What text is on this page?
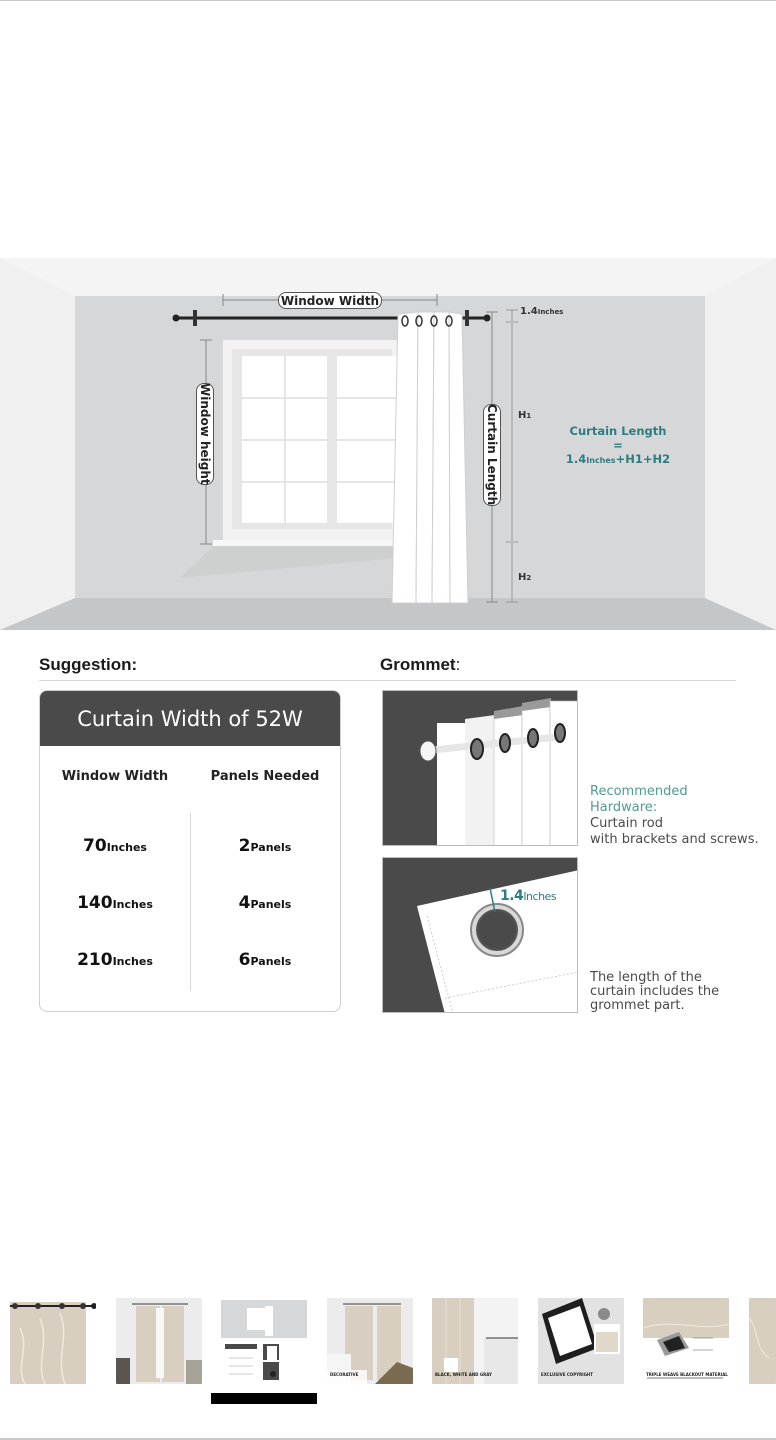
Window Width
Window height	Curtain Length
1.4Inches
H1
H2
Curtain Length
=
1.4Inches+H1+H2
Suggestion:	Grommet:
Curtain Width of 52W
Window Width	Panels Needed
70Inches	2Panels
140Inches	4Panels
210Inches	6Panels
1.4Inches
Recommended
Hardware:
Curtain rod
with brackets and screws.
The length of the
curtain includes the
grommet part.
DECORATIVE	BLACK, WHITE AND GRAY	EXCLUSIVE COPYRIGHT	TRIPLE WEAVE BLACKOUT MATERIAL
